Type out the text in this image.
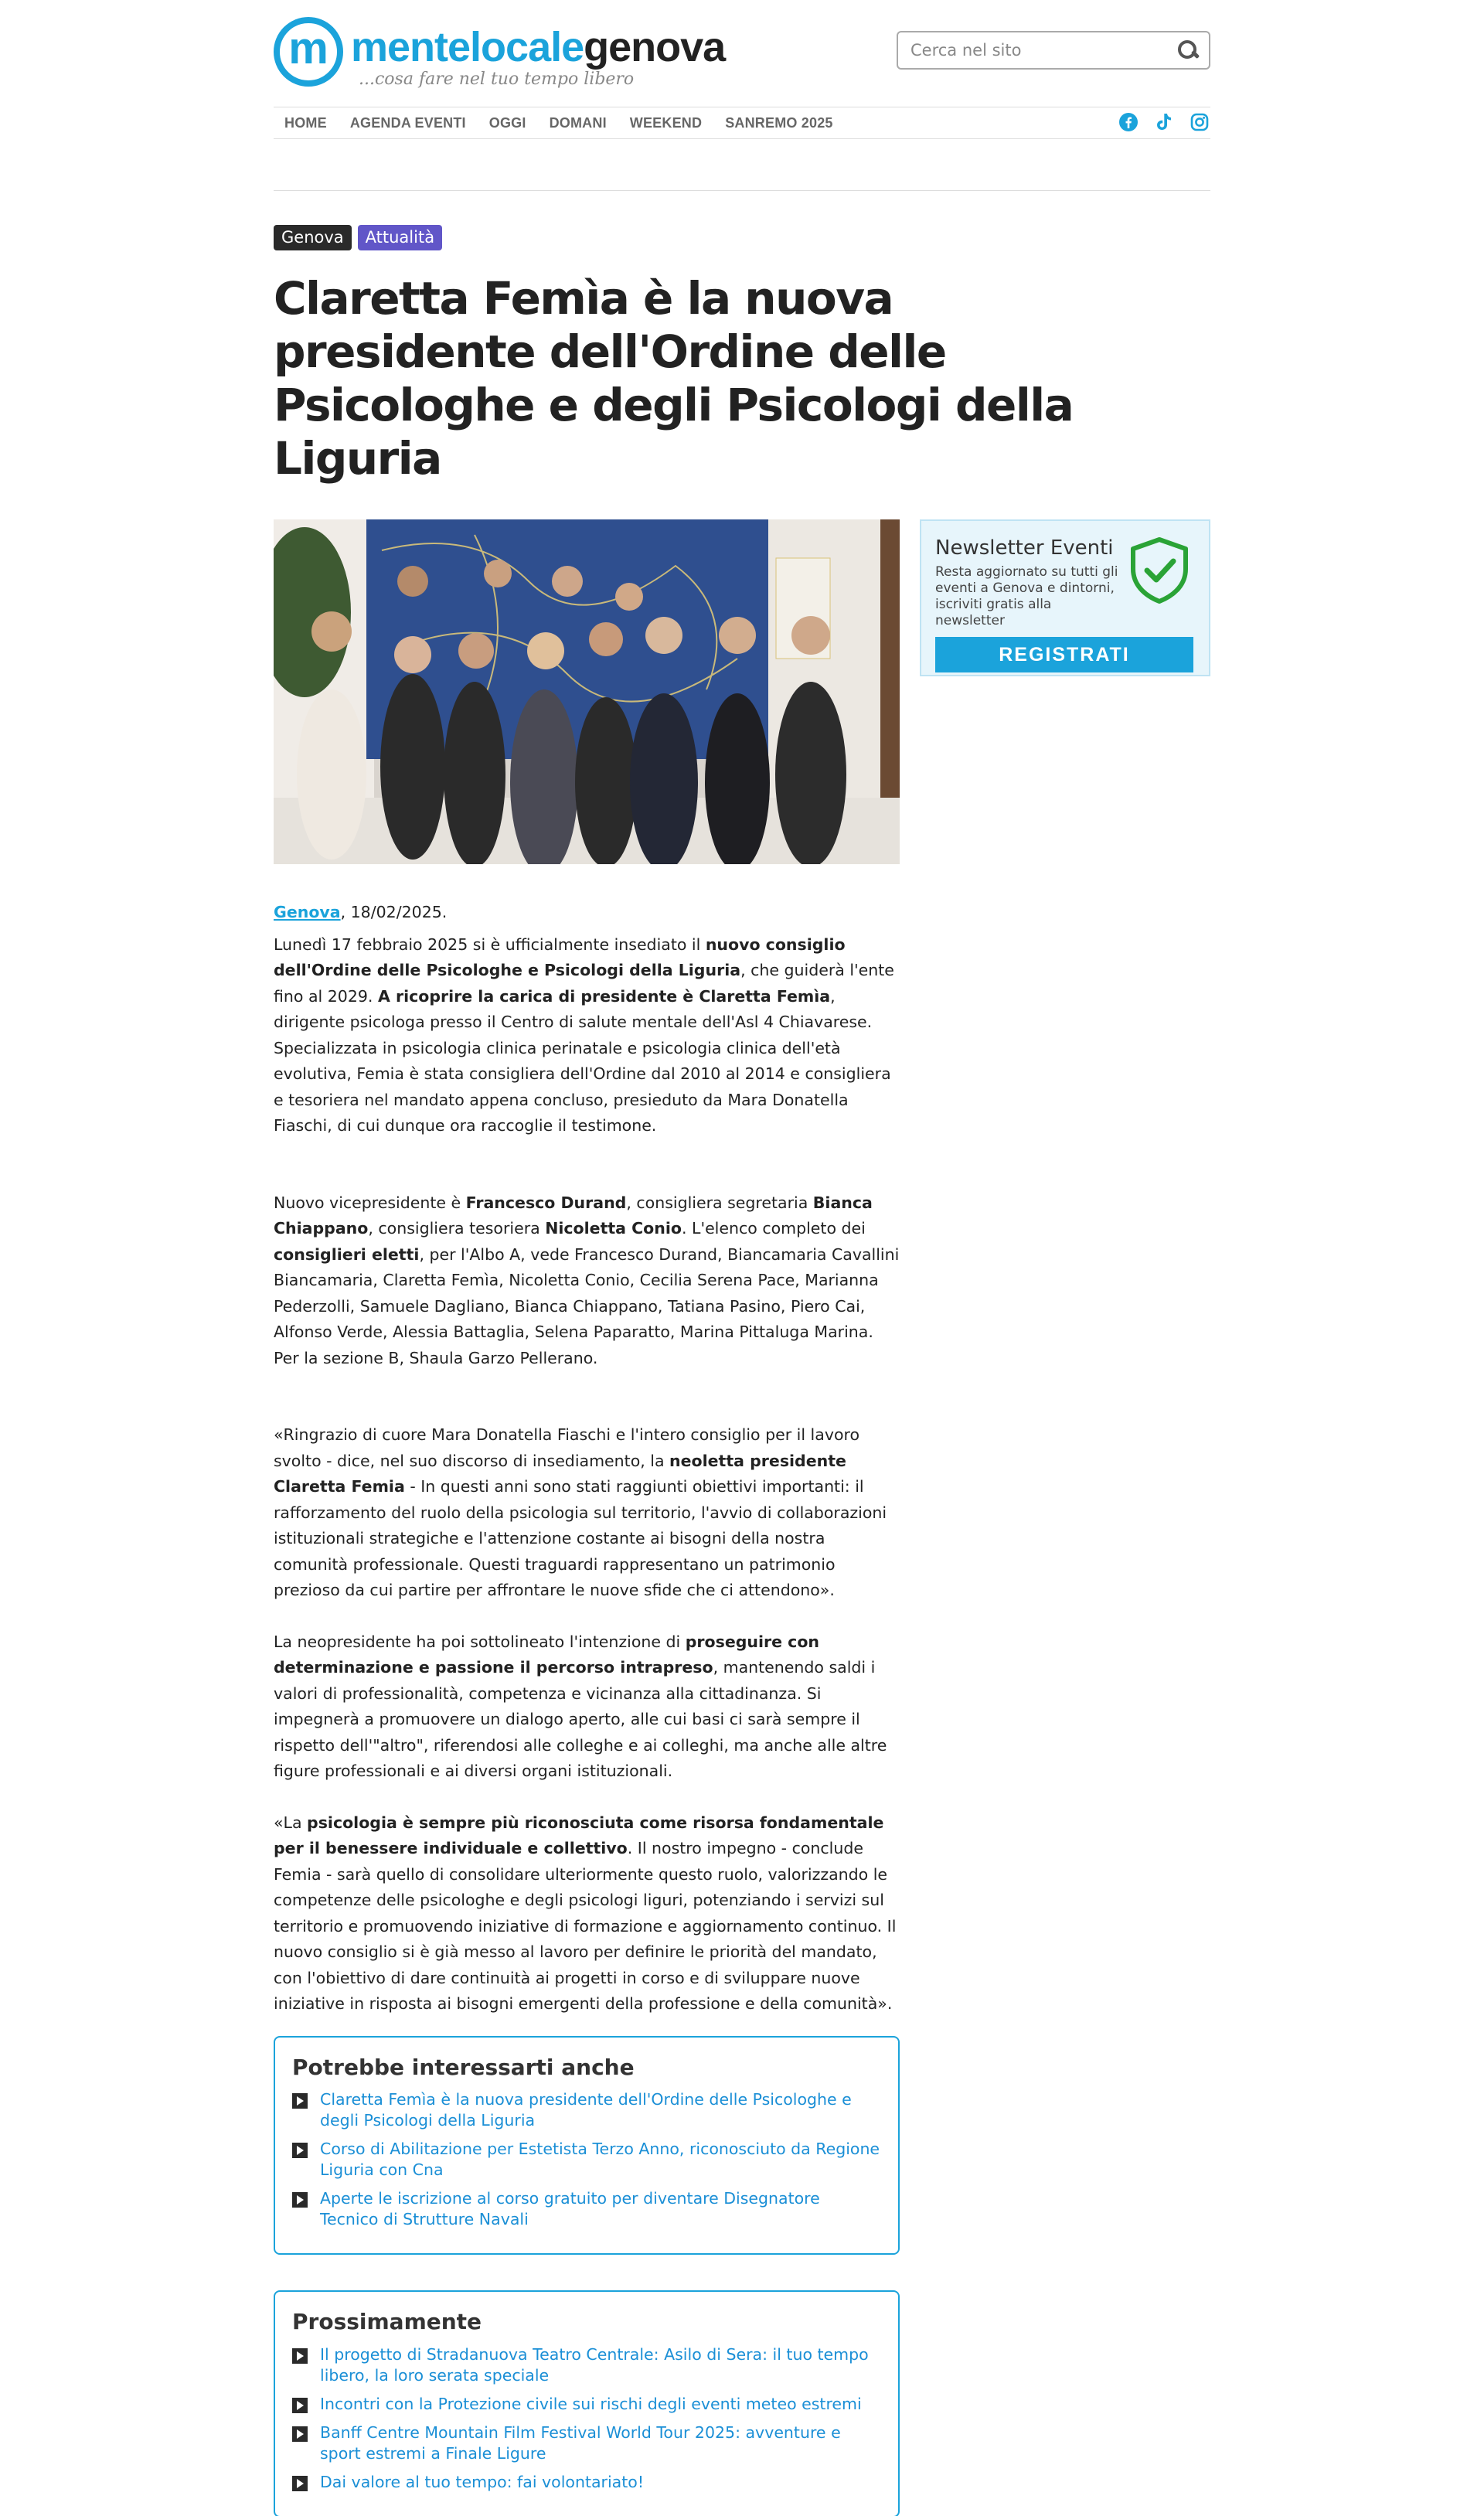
m mentelocalegenova
...cosa fare nel tuo tempo libero
Cerca nel sito
HOME AGENDA EVENTI OGGI DOMANI WEEKEND SANREMO 2025
Genova	Attualità
Claretta Femìa è la nuova presidente dell'Ordine delle Psicologhe e degli Psicologi della Liguria
Newsletter Eventi
Resta aggiornato su tutti gli eventi a Genova e dintorni, iscriviti gratis alla newsletter
REGISTRATI

Genova, 18/02/2025.

Lunedì 17 febbraio 2025 si è ufficialmente insediato il nuovo consiglio dell'Ordine delle Psicologhe e Psicologi della Liguria, che guiderà l'ente fino al 2029. A ricoprire la carica di presidente è Claretta Femìa, dirigente psicologa presso il Centro di salute mentale dell'Asl 4 Chiavarese. Specializzata in psicologia clinica perinatale e psicologia clinica dell'età evolutiva, Femia è stata consigliera dell'Ordine dal 2010 al 2014 e consigliera e tesoriera nel mandato appena concluso, presieduto da Mara Donatella Fiaschi, di cui dunque ora raccoglie il testimone.

Nuovo vicepresidente è Francesco Durand, consigliera segretaria Bianca Chiappano, consigliera tesoriera Nicoletta Conio. L'elenco completo dei consiglieri eletti, per l'Albo A, vede Francesco Durand, Biancamaria Cavallini Biancamaria, Claretta Femìa, Nicoletta Conio, Cecilia Serena Pace, Marianna Pederzolli, Samuele Dagliano, Bianca Chiappano, Tatiana Pasino, Piero Cai, Alfonso Verde, Alessia Battaglia, Selena Paparatto, Marina Pittaluga Marina. Per la sezione B, Shaula Garzo Pellerano.

«Ringrazio di cuore Mara Donatella Fiaschi e l'intero consiglio per il lavoro svolto - dice, nel suo discorso di insediamento, la neoletta presidente Claretta Femia - In questi anni sono stati raggiunti obiettivi importanti: il rafforzamento del ruolo della psicologia sul territorio, l'avvio di collaborazioni istituzionali strategiche e l'attenzione costante ai bisogni della nostra comunità professionale. Questi traguardi rappresentano un patrimonio prezioso da cui partire per affrontare le nuove sfide che ci attendono».

La neopresidente ha poi sottolineato l'intenzione di proseguire con determinazione e passione il percorso intrapreso, mantenendo saldi i valori di professionalità, competenza e vicinanza alla cittadinanza. Si impegnerà a promuovere un dialogo aperto, alle cui basi ci sarà sempre il rispetto dell'"altro", riferendosi alle colleghe e ai colleghi, ma anche alle altre figure professionali e ai diversi organi istituzionali.

«La psicologia è sempre più riconosciuta come risorsa fondamentale per il benessere individuale e collettivo. Il nostro impegno - conclude Femia - sarà quello di consolidare ulteriormente questo ruolo, valorizzando le competenze delle psicologhe e degli psicologi liguri, potenziando i servizi sul territorio e promuovendo iniziative di formazione e aggiornamento continuo. Il nuovo consiglio si è già messo al lavoro per definire le priorità del mandato, con l'obiettivo di dare continuità ai progetti in corso e di sviluppare nuove iniziative in risposta ai bisogni emergenti della professione e della comunità».

Potrebbe interessarti anche
Claretta Femìa è la nuova presidente dell'Ordine delle Psicologhe e degli Psicologi della Liguria
Corso di Abilitazione per Estetista Terzo Anno, riconosciuto da Regione Liguria con Cna
Aperte le iscrizione al corso gratuito per diventare Disegnatore Tecnico di Strutture Navali
Prossimamente
Il progetto di Stradanuova Teatro Centrale: Asilo di Sera: il tuo tempo libero, la loro serata speciale
Incontri con la Protezione civile sui rischi degli eventi meteo estremi
Banff Centre Mountain Film Festival World Tour 2025: avventure e sport estremi a Finale Ligure
Dai valore al tuo tempo: fai volontariato!
